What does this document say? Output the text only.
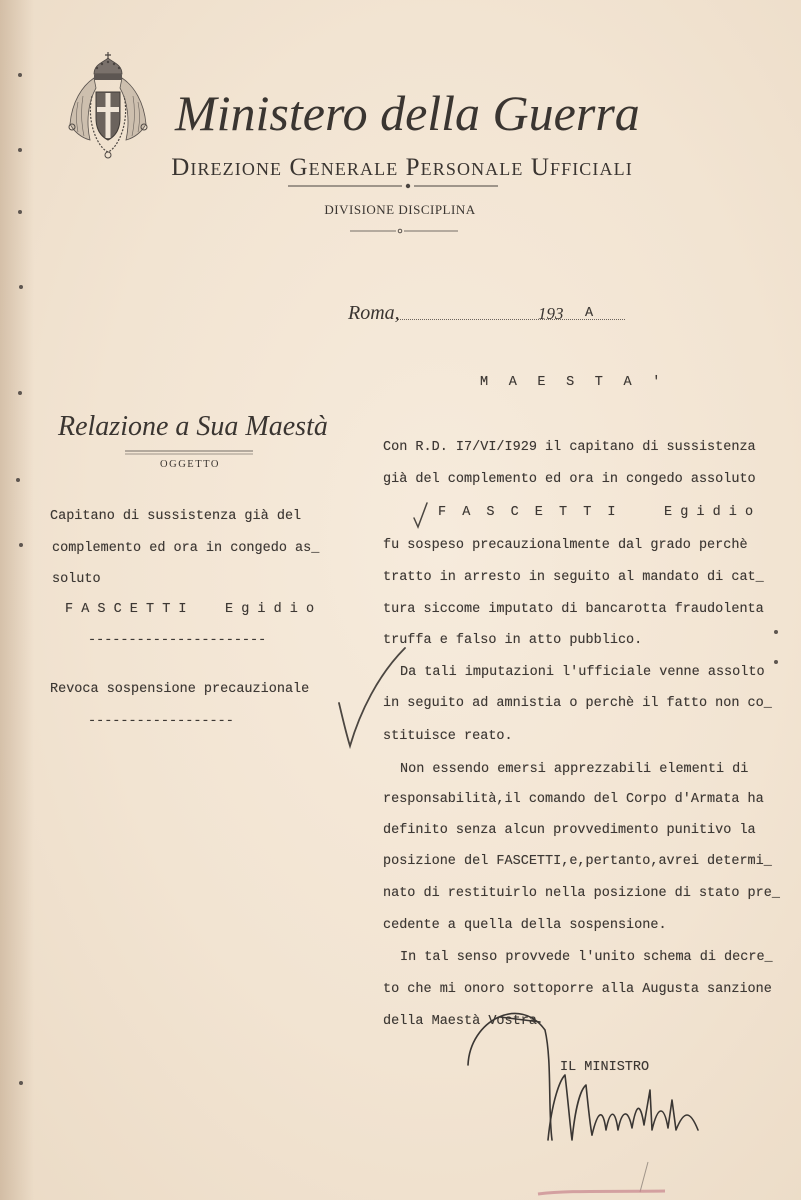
Ministero della Guerra
Direzione Generale Personale Ufficiali
DIVISIONE DISCIPLINA
Roma,	193 A
Relazione a Sua Maestà
OGGETTO
Capitano di sussistenza già del
complemento ed ora in congedo as_
soluto
F A S C E T T I	E g i d i o
----------------------
Revoca sospensione precauzionale
------------------
M A E S T A '
Con R.D. I7/VI/I929 il capitano di sussistenza
già del complemento ed ora in congedo assoluto
F A S C E T T I	E g i d i o
fu sospeso precauzionalmente dal grado perchè
tratto in arresto in seguito al mandato di cat_
tura siccome imputato di bancarotta fraudolenta
truffa e falso in atto pubblico.
Da tali imputazioni l'ufficiale venne assolto
in seguito ad amnistia o perchè il fatto non co_
stituisce reato.
Non essendo emersi apprezzabili elementi di
responsabilità,il comando del Corpo d'Armata ha
definito senza alcun provvedimento punitivo la
posizione del FASCETTI,e,pertanto,avrei determi_
nato di restituirlo nella posizione di stato pre_
cedente a quella della sospensione.
In tal senso provvede l'unito schema di decre_
to che mi onoro sottoporre alla Augusta sanzione
della Maestà Vostra
IL MINISTRO
